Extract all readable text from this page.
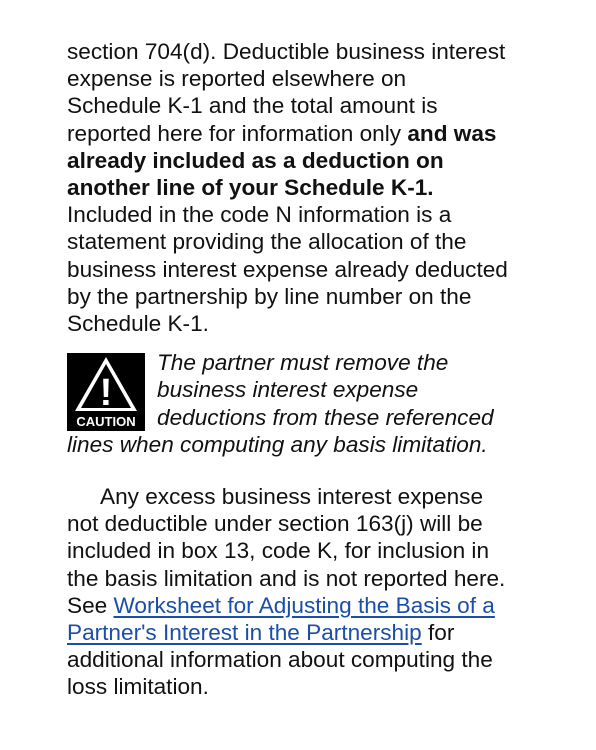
section 704(d). Deductible business interest
expense is reported elsewhere on
Schedule K-1 and the total amount is
reported here for information only and was
already included as a deduction on
another line of your Schedule K-1.
Included in the code N information is a
statement providing the allocation of the
business interest expense already deducted
by the partnership by line number on the
Schedule K-1.
!
CAUTION
The partner must remove the
business interest expense
deductions from these referenced
lines when computing any basis limitation.
Any excess business interest expense
not deductible under section 163(j) will be
included in box 13, code K, for inclusion in
the basis limitation and is not reported here.
See Worksheet for Adjusting the Basis of a
Partner's Interest in the Partnership for
additional information about computing the
loss limitation.
